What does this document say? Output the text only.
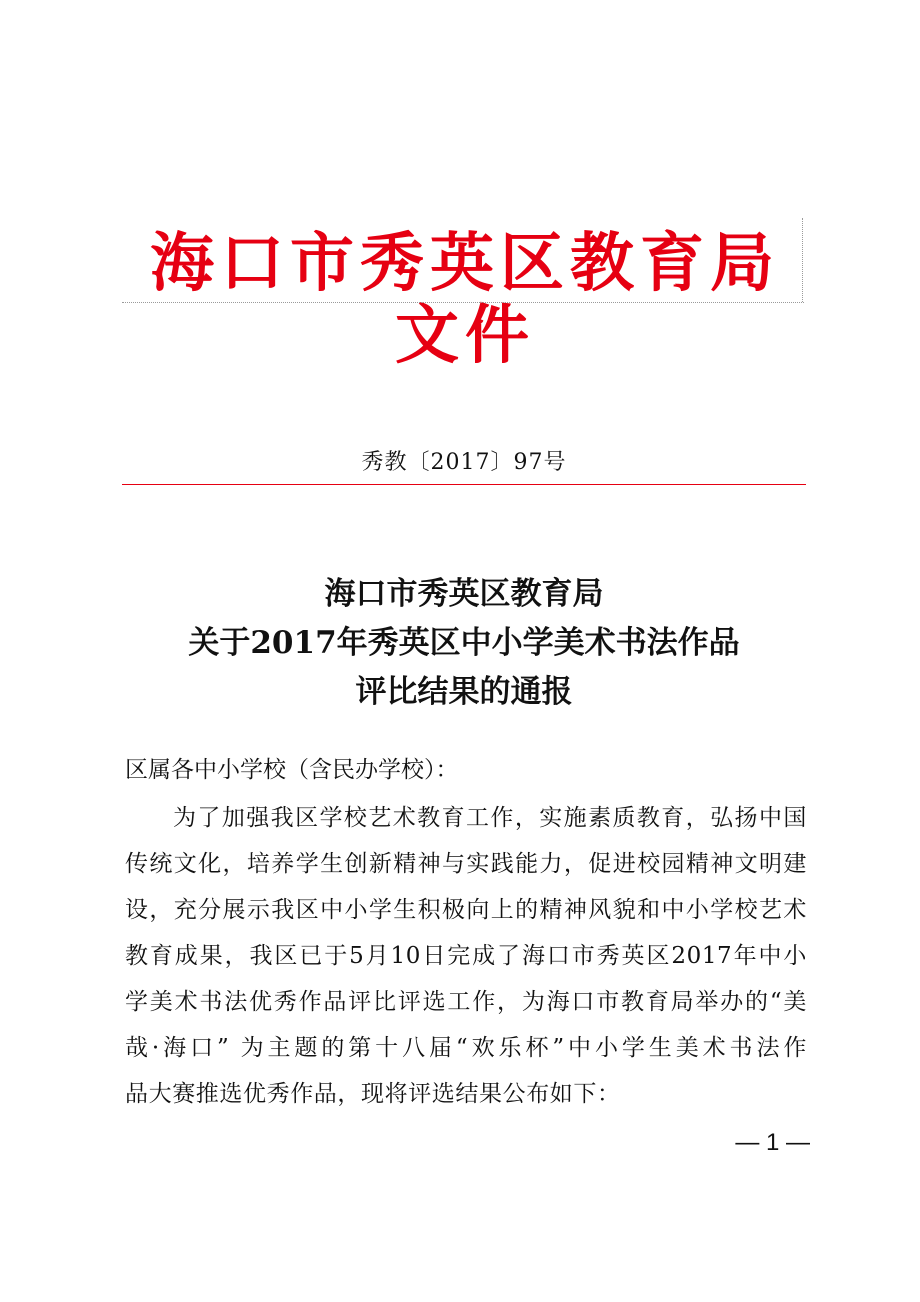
海口市秀英区教育局文件
秀教〔2017〕97号
海口市秀英区教育局
关于2017年秀英区中小学美术书法作品
评比结果的通报
区属各中小学校（含民办学校）：
为了加强我区学校艺术教育工作，实施素质教育，弘扬中国
传统文化，培养学生创新精神与实践能力，促进校园精神文明建
设，充分展示我区中小学生积极向上的精神风貌和中小学校艺术
教育成果，我区已于5月10日完成了海口市秀英区2017年中小
学美术书法优秀作品评比评选工作，为海口市教育局举办的“美
哉·海口” 为主题的第十八届“欢乐杯”中小学生美术书法作
品大赛推选优秀作品，现将评选结果公布如下：
— 1 —
